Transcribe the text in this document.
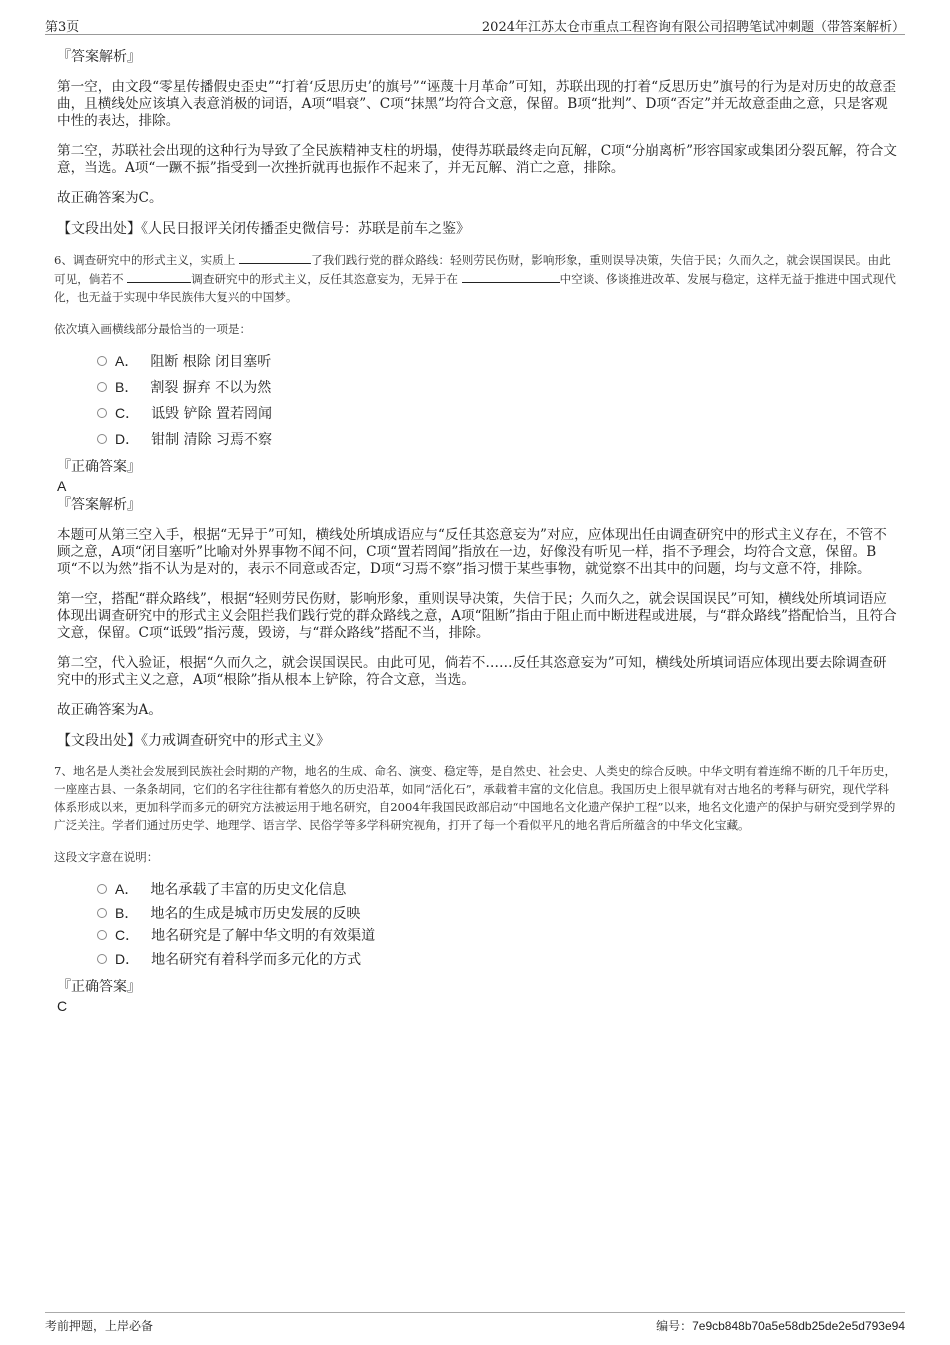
第3页	2024年江苏太仓市重点工程咨询有限公司招聘笔试冲刺题（带答案解析）

『答案解析』

第一空，由文段“零星传播假史歪史”“打着‘反思历史’的旗号”“诬蔑十月革命”可知，苏联出现的打着“反思历史”旗号的行为是对历史的故意歪曲，且横线处应该填入表意消极的词语，A项“唱衰”、C项“抹黑”均符合文意，保留。B项“批判”、D项“否定”并无故意歪曲之意，只是客观中性的表达，排除。

第二空，苏联社会出现的这种行为导致了全民族精神支柱的坍塌，使得苏联最终走向瓦解，C项“分崩离析”形容国家或集团分裂瓦解，符合文意，当选。A项“一蹶不振”指受到一次挫折就再也振作不起来了，并无瓦解、消亡之意，排除。

故正确答案为C。

【文段出处】《人民日报评关闭传播歪史微信号：苏联是前车之鉴》

6、调查研究中的形式主义，实质上	了我们践行党的群众路线：轻则劳民伤财，影响形象，重则误导决策，失信于民；久而久之，就会误国误民。由此可见，倘若不	调查研究中的形式主义，反任其恣意妄为，无异于在	中空谈、侈谈推进改革、发展与稳定，这样无益于推进中国式现代化，也无益于实现中华民族伟大复兴的中国梦。

依次填入画横线部分最恰当的一项是：

A． 阻断 根除 闭目塞听
B． 割裂 摒弃 不以为然
C． 诋毁 铲除 置若罔闻
D． 钳制 清除 习焉不察

『正确答案』

A

『答案解析』

本题可从第三空入手，根据“无异于”可知，横线处所填成语应与“反任其恣意妄为”对应，应体现出任由调查研究中的形式主义存在，不管不顾之意，A项“闭目塞听”比喻对外界事物不闻不问，C项“置若罔闻”指放在一边，好像没有听见一样，指不予理会，均符合文意，保留。B项“不以为然”指不认为是对的，表示不同意或否定，D项“习焉不察”指习惯于某些事物，就觉察不出其中的问题，均与文意不符，排除。

第一空，搭配“群众路线”，根据“轻则劳民伤财，影响形象，重则误导决策，失信于民；久而久之，就会误国误民”可知，横线处所填词语应体现出调查研究中的形式主义会阻拦我们践行党的群众路线之意，A项“阻断”指由于阻止而中断进程或进展，与“群众路线”搭配恰当，且符合文意，保留。C项“诋毁”指污蔑，毁谤，与“群众路线”搭配不当，排除。

第二空，代入验证，根据“久而久之，就会误国误民。由此可见，倘若不……反任其恣意妄为”可知，横线处所填词语应体现出要去除调查研究中的形式主义之意，A项“根除”指从根本上铲除，符合文意，当选。

故正确答案为A。

【文段出处】《力戒调查研究中的形式主义》

7、地名是人类社会发展到民族社会时期的产物，地名的生成、命名、演变、稳定等，是自然史、社会史、人类史的综合反映。中华文明有着连绵不断的几千年历史，一座座古县、一条条胡同，它们的名字往往都有着悠久的历史沿革，如同“活化石”，承载着丰富的文化信息。我国历史上很早就有对古地名的考释与研究，现代学科体系形成以来，更加科学而多元的研究方法被运用于地名研究，自2004年我国民政部启动“中国地名文化遗产保护工程”以来，地名文化遗产的保护与研究受到学界的广泛关注。学者们通过历史学、地理学、语言学、民俗学等多学科研究视角，打开了每一个看似平凡的地名背后所蕴含的中华文化宝藏。

这段文字意在说明：

A． 地名承载了丰富的历史文化信息
B． 地名的生成是城市历史发展的反映
C． 地名研究是了解中华文明的有效渠道
D． 地名研究有着科学而多元化的方式

『正确答案』

C

考前押题，上岸必备	编号：7e9cb848b70a5e58db25de2e5d793e94
